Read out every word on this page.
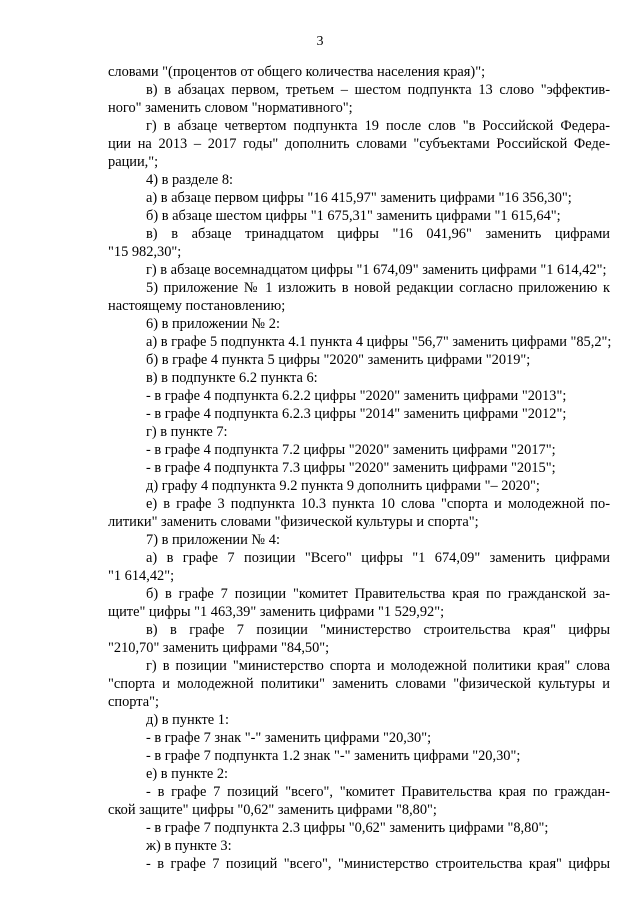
3
словами "(процентов от общего количества населения края)";
в) в абзацах первом, третьем – шестом подпункта 13 слово "эффектив-
ного" заменить словом "нормативного";
г) в абзаце четвертом подпункта 19 после слов "в Российской Федера-
ции на 2013 – 2017 годы" дополнить словами "субъектами Российской Феде-
рации,";
4) в разделе 8:
а) в абзаце первом цифры "16 415,97" заменить цифрами "16 356,30";
б) в абзаце шестом цифры "1 675,31" заменить цифрами "1 615,64";
в) в абзаце тринадцатом цифры "16 041,96" заменить цифрами
"15 982,30";
г) в абзаце восемнадцатом цифры "1 674,09" заменить цифрами "1 614,42";
5) приложение № 1 изложить в новой редакции согласно приложению к
настоящему постановлению;
6) в приложении № 2:
а) в графе 5 подпункта 4.1 пункта 4 цифры "56,7" заменить цифрами "85,2";
б) в графе 4 пункта 5 цифры "2020" заменить цифрами "2019";
в) в подпункте 6.2 пункта 6:
- в графе 4 подпункта 6.2.2 цифры "2020" заменить цифрами "2013";
- в графе 4 подпункта 6.2.3 цифры "2014" заменить цифрами "2012";
г) в пункте 7:
- в графе 4 подпункта 7.2 цифры "2020" заменить цифрами "2017";
- в графе 4 подпункта 7.3 цифры "2020" заменить цифрами "2015";
д) графу 4 подпункта 9.2 пункта 9 дополнить цифрами "– 2020";
е) в графе 3 подпункта 10.3 пункта 10 слова "спорта и молодежной по-
литики" заменить словами "физической культуры и спорта";
7) в приложении № 4:
а) в графе 7 позиции "Всего" цифры "1 674,09" заменить цифрами
"1 614,42";
б) в графе 7 позиции "комитет Правительства края по гражданской за-
щите" цифры "1 463,39" заменить цифрами "1 529,92";
в) в графе 7 позиции "министерство строительства края" цифры
"210,70" заменить цифрами "84,50";
г) в позиции "министерство спорта и молодежной политики края" слова
"спорта и молодежной политики" заменить словами "физической культуры и
спорта";
д) в пункте 1:
- в графе 7 знак "-" заменить цифрами "20,30";
- в графе 7 подпункта 1.2 знак "-" заменить цифрами "20,30";
е) в пункте 2:
- в графе 7 позиций "всего", "комитет Правительства края по граждан-
ской защите" цифры "0,62" заменить цифрами "8,80";
- в графе 7 подпункта 2.3 цифры "0,62" заменить цифрами "8,80";
ж) в пункте 3:
- в графе 7 позиций "всего", "министерство строительства края" цифры
